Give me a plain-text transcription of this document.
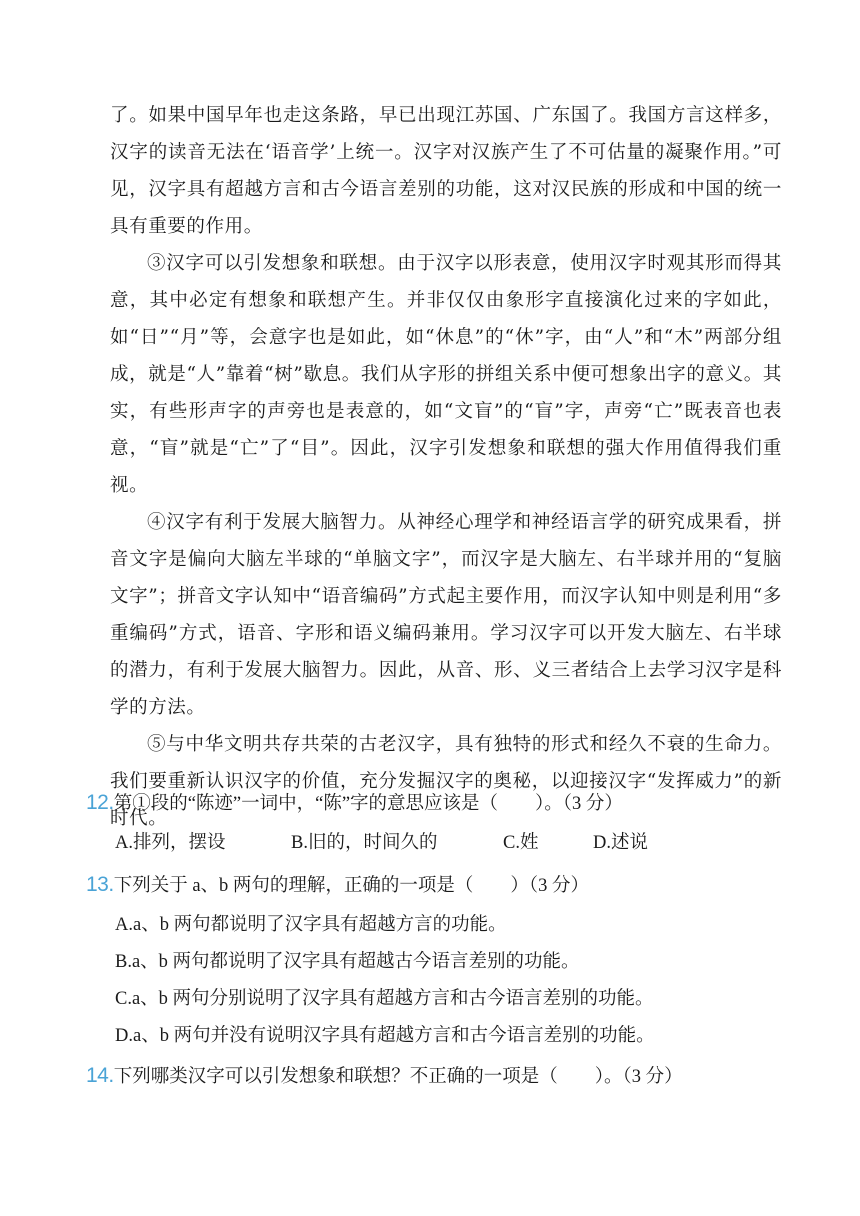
了。如果中国早年也走这条路，早已出现江苏国、广东国了。我国方言这样多，汉字的读音无法在‘语音学’上统一。汉字对汉族产生了不可估量的凝聚作用。”可见，汉字具有超越方言和古今语言差别的功能，这对汉民族的形成和中国的统一具有重要的作用。

③汉字可以引发想象和联想。由于汉字以形表意，使用汉字时观其形而得其意，其中必定有想象和联想产生。并非仅仅由象形字直接演化过来的字如此，如“日”“月”等，会意字也是如此，如“休息”的“休”字，由“人”和“木”两部分组成，就是“人”靠着“树”歇息。我们从字形的拼组关系中便可想象出字的意义。其实，有些形声字的声旁也是表意的，如“文盲”的“盲”字，声旁“亡”既表音也表意，“盲”就是“亡”了“目”。因此，汉字引发想象和联想的强大作用值得我们重视。

④汉字有利于发展大脑智力。从神经心理学和神经语言学的研究成果看，拼音文字是偏向大脑左半球的“单脑文字”，而汉字是大脑左、右半球并用的“复脑文字”；拼音文字认知中“语音编码”方式起主要作用，而汉字认知中则是利用“多重编码”方式，语音、字形和语义编码兼用。学习汉字可以开发大脑左、右半球的潜力，有利于发展大脑智力。因此，从音、形、义三者结合上去学习汉字是科学的方法。

⑤与中华文明共存共荣的古老汉字，具有独特的形式和经久不衰的生命力。我们要重新认识汉字的价值，充分发掘汉字的奥秘，以迎接汉字“发挥威力”的新时代。

12.第①段的“陈迹”一词中，“陈”字的意思应该是（　　）。（3 分）
A.排列，摆设	B.旧的，时间久的	C.姓	D.述说
13.下列关于 a、b 两句的理解，正确的一项是（　　）（3 分）
A.a、b 两句都说明了汉字具有超越方言的功能。
B.a、b 两句都说明了汉字具有超越古今语言差别的功能。
C.a、b 两句分别说明了汉字具有超越方言和古今语言差别的功能。
D.a、b 两句并没有说明汉字具有超越方言和古今语言差别的功能。
14.下列哪类汉字可以引发想象和联想？不正确的一项是（　　）。（3 分）
